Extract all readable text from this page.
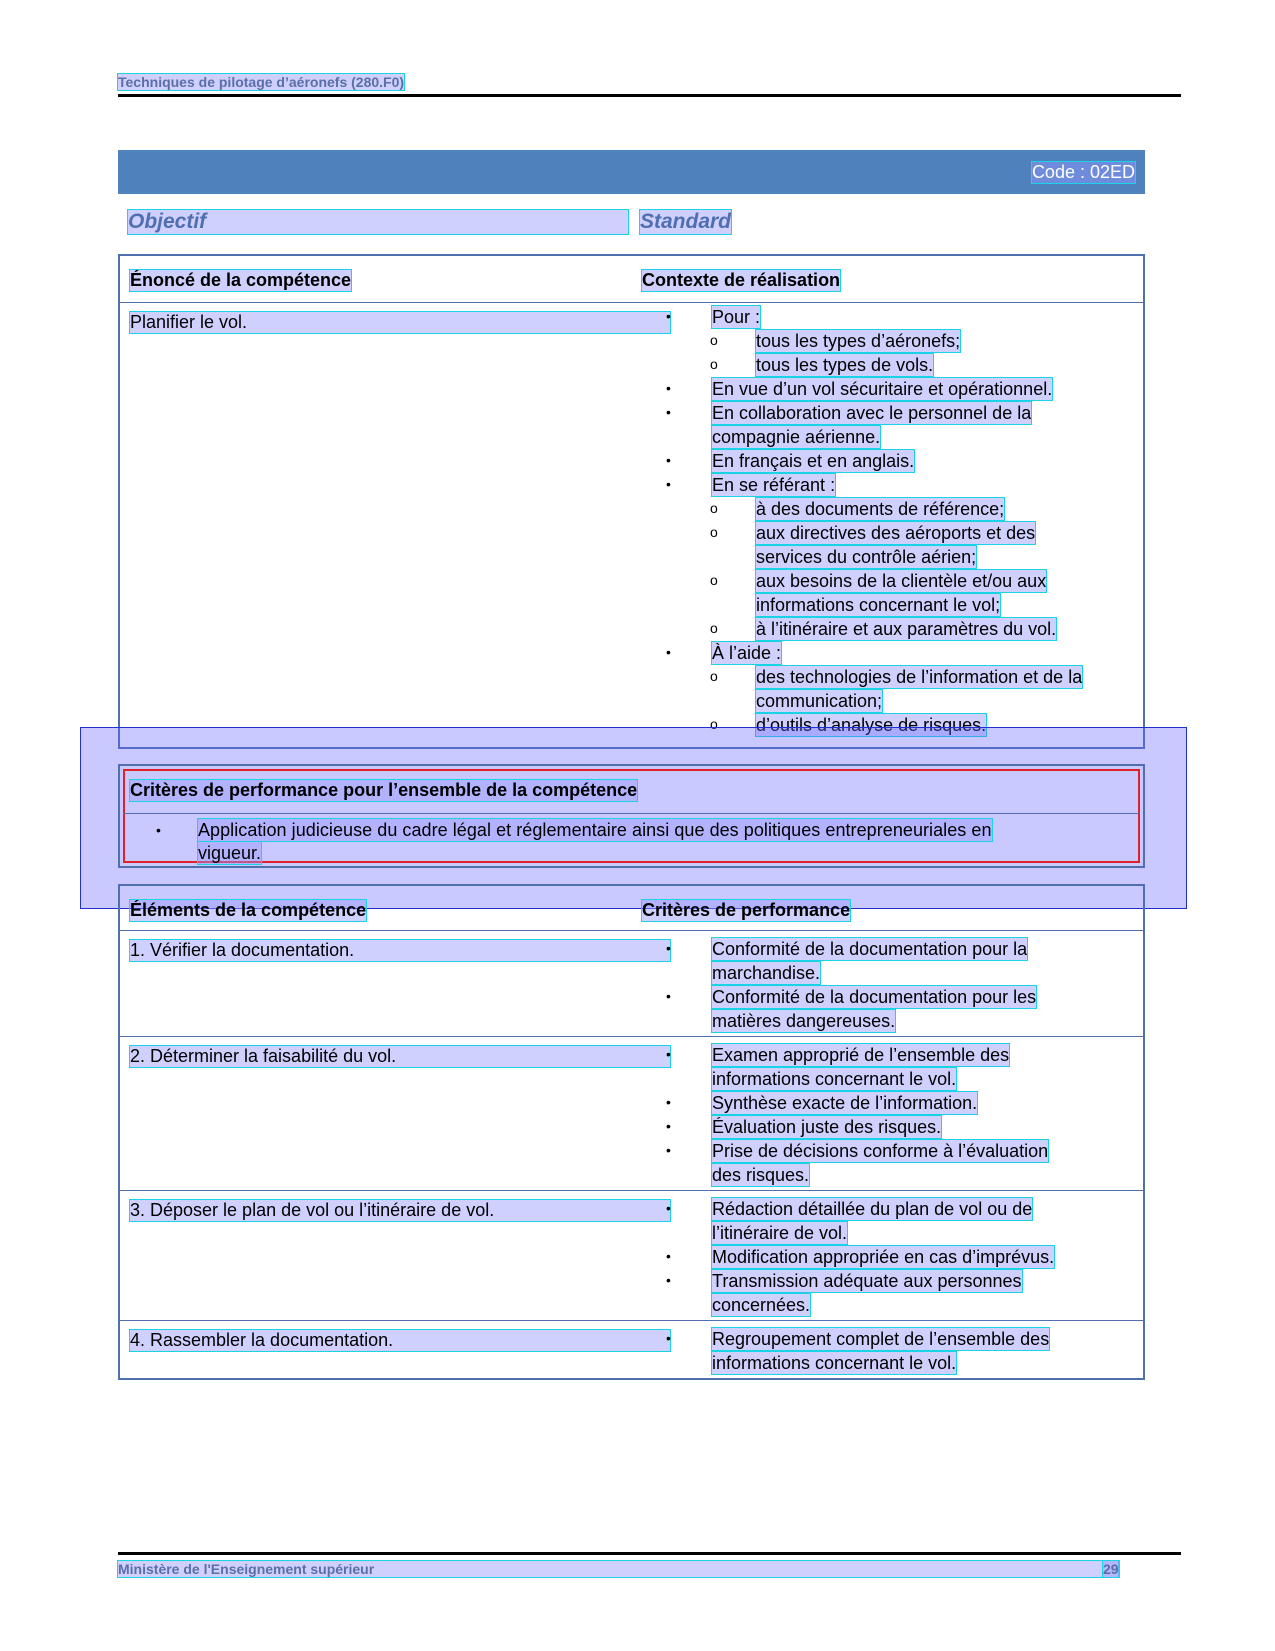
Techniques de pilotage d’aéronefs (280.F0)
Code : 02ED
Objectif	Standard
Énoncé de la compétence	Contexte de réalisation
Planifier le vol.	• Pour :
o tous les types d’aéronefs;
o tous les types de vols.
• En vue d’un vol sécuritaire et opérationnel.
• En collaboration avec le personnel de la
compagnie aérienne.
• En français et en anglais.
• En se référant :
o à des documents de référence;
o aux directives des aéroports et des
services du contrôle aérien;
o aux besoins de la clientèle et/ou aux
informations concernant le vol;
o à l’itinéraire et aux paramètres du vol.
• À l’aide :
o des technologies de l’information et de la
communication;
o d’outils d’analyse de risques.
Critères de performance pour l’ensemble de la compétence
• Application judicieuse du cadre légal et réglementaire ainsi que des politiques entrepreneuriales en
vigueur.
Éléments de la compétence	Critères de performance
1. Vérifier la documentation.	• Conformité de la documentation pour la
marchandise.
• Conformité de la documentation pour les
matières dangereuses.
2. Déterminer la faisabilité du vol.	• Examen approprié de l’ensemble des
informations concernant le vol.
• Synthèse exacte de l’information.
• Évaluation juste des risques.
• Prise de décisions conforme à l’évaluation
des risques.
3. Déposer le plan de vol ou l’itinéraire de vol.	• Rédaction détaillée du plan de vol ou de
l’itinéraire de vol.
• Modification appropriée en cas d’imprévus.
• Transmission adéquate aux personnes
concernées.
4. Rassembler la documentation.	• Regroupement complet de l’ensemble des
informations concernant le vol.
Ministère de l'Enseignement supérieur	29
